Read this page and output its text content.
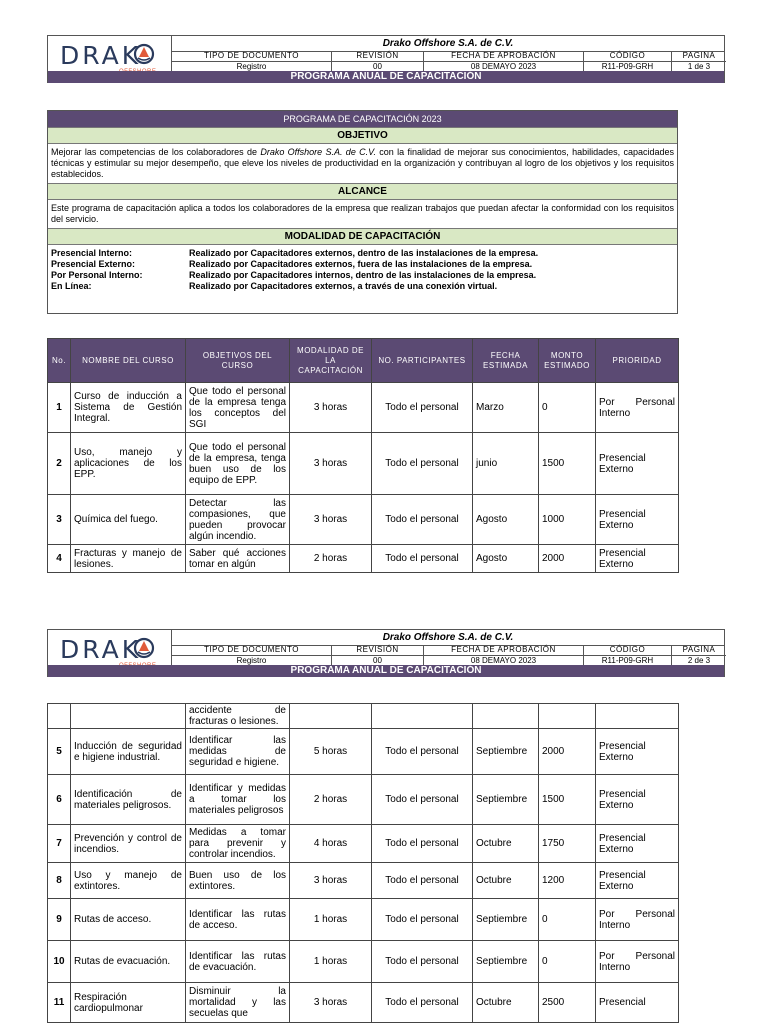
DRAK	Drako Offshore S.A. de C.V.
TIPO DE DOCUMENTO
Registro
REVISIÓN
00
FECHA DE APROBACIÓN
08 DEMAYO 2023
CÓDIGO
R11-P09-GRH
PAGINA
1 de 3
PROGRAMA ANUAL DE CAPACITACIÓN
PROGRAMA DE CAPACITACIÓN 2023
OBJETIVO
Mejorar las competencias de los colaboradores de Drako Offshore S.A. de C.V. con la finalidad de mejorar sus conocimientos, habilidades, capacidades técnicas y estimular su mejor desempeño, que eleve los niveles de productividad en la organización y contribuyan al logro de los objetivos y los requisitos establecidos.
ALCANCE
Este programa de capacitación aplica a todos los colaboradores de la empresa que realizan trabajos que puedan afectar la conformidad con los requisitos del servicio.
MODALIDAD DE CAPACITACIÓN
Presencial Interno:	Realizado por Capacitadores externos, dentro de las instalaciones de la empresa.
Presencial Externo:	Realizado por Capacitadores externos, fuera de las instalaciones de la empresa.
Por Personal Interno:	Realizado por Capacitadores internos, dentro de las instalaciones de la empresa.
En Línea:	Realizado por Capacitadores externos, a través de una conexión virtual.
No.	NOMBRE DEL CURSO	OBJETIVOS DEL CURSO	MODALIDAD DE LA CAPACITACIÓN	NO. PARTICIPANTES	FECHA ESTIMADA	MONTO ESTIMADO	PRIORIDAD
1	Curso de inducción a Sistema de Gestión Integral.	Que todo el personal de la empresa tenga los conceptos del SGI	3 horas	Todo el personal	Marzo	0	Por Personal Interno
2	Uso, manejo y aplicaciones de los EPP.	Que todo el personal de la empresa, tenga buen uso de los equipo de EPP.	3 horas	Todo el personal	junio	1500	Presencial Externo
3	Química del fuego.	Detectar las compasiones, que pueden provocar algún incendio.	3 horas	Todo el personal	Agosto	1000	Presencial Externo
4	Fracturas y manejo de lesiones.	Saber qué acciones tomar en algún	2 horas	Todo el personal	Agosto	2000	Presencial Externo
DRAK	Drako Offshore S.A. de C.V.
TIPO DE DOCUMENTO
Registro
REVISIÓN
00
FECHA DE APROBACIÓN
08 DEMAYO 2023
CÓDIGO
R11-P09-GRH
PAGINA
2 de 3
PROGRAMA ANUAL DE CAPACITACIÓN
		accidente de fracturas o lesiones.					
5	Inducción de seguridad e higiene industrial.	Identificar las medidas de seguridad e higiene.	5 horas	Todo el personal	Septiembre	2000	Presencial Externo
6	Identificación de materiales peligrosos.	Identificar y medidas a tomar los materiales peligrosos	2 horas	Todo el personal	Septiembre	1500	Presencial Externo
7	Prevención y control de incendios.	Medidas a tomar para prevenir y controlar incendios.	4 horas	Todo el personal	Octubre	1750	Presencial Externo
8	Uso y manejo de extintores.	Buen uso de los extintores.	3 horas	Todo el personal	Octubre	1200	Presencial Externo
9	Rutas de acceso.	Identificar las rutas de acceso.	1 horas	Todo el personal	Septiembre	0	Por Personal Interno
10	Rutas de evacuación.	Identificar las rutas de evacuación.	1 horas	Todo el personal	Septiembre	0	Por Personal Interno
11	Respiración cardiopulmonar	Disminuir la mortalidad y las secuelas que	3 horas	Todo el personal	Octubre	2500	Presencial
